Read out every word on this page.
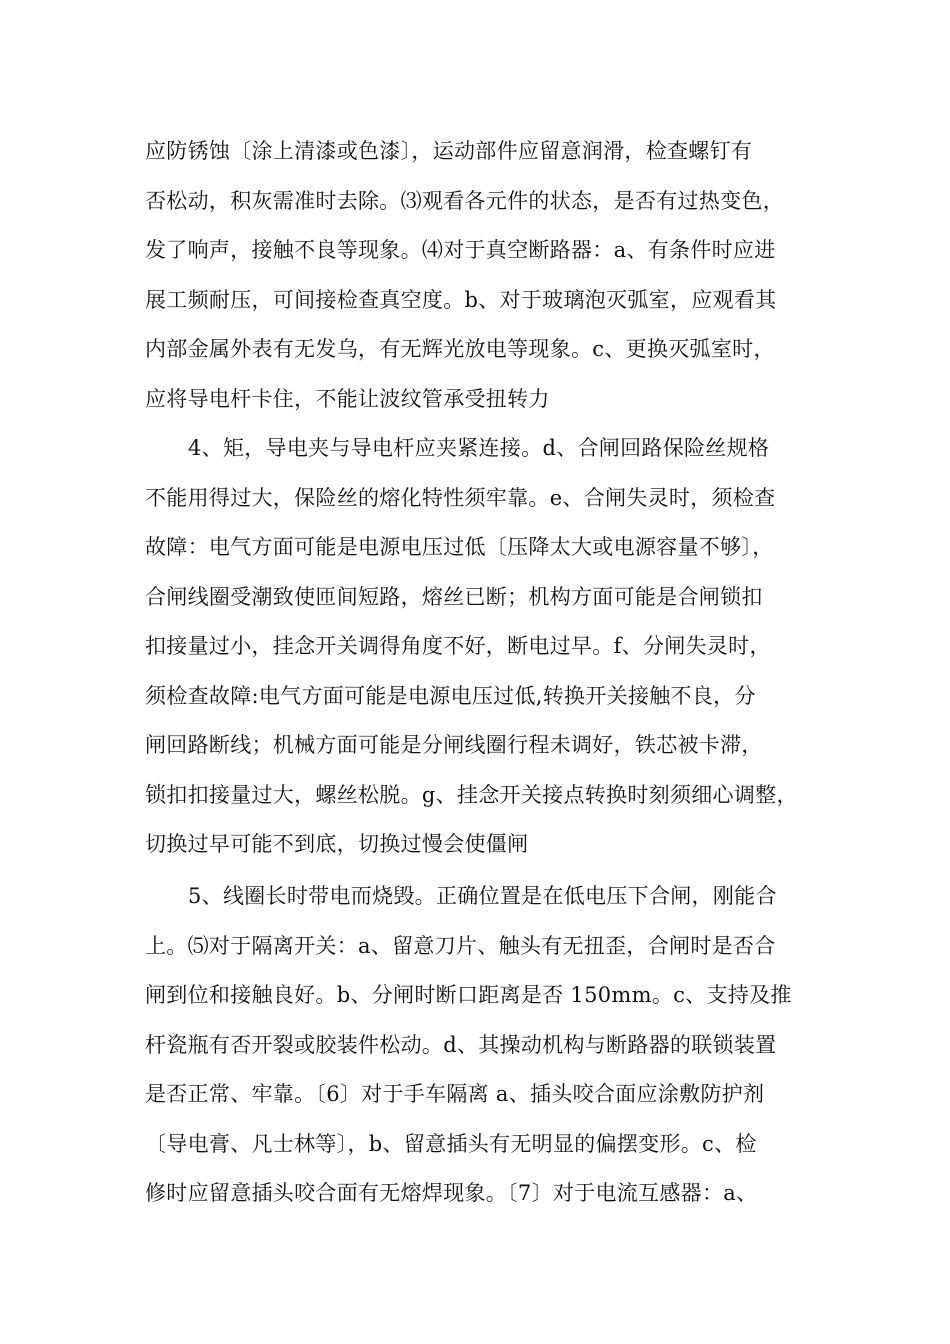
应防锈蚀〔涂上清漆或色漆〕，运动部件应留意润滑，检查螺钉有
否松动，积灰需准时去除。⑶观看各元件的状态，是否有过热变色，
发了响声，接触不良等现象。⑷对于真空断路器：a、有条件时应进
展工频耐压，可间接检查真空度。b、对于玻璃泡灭弧室，应观看其
内部金属外表有无发乌，有无辉光放电等现象。c、更换灭弧室时，
应将导电杆卡住，不能让波纹管承受扭转力
4、矩，导电夹与导电杆应夹紧连接。d、合闸回路保险丝规格
不能用得过大，保险丝的熔化特性须牢靠。e、合闸失灵时，须检查
故障：电气方面可能是电源电压过低〔压降太大或电源容量不够〕，
合闸线圈受潮致使匝间短路，熔丝已断；机构方面可能是合闸锁扣
扣接量过小，挂念开关调得角度不好，断电过早。f、分闸失灵时，
须检查故障:电气方面可能是电源电压过低,转换开关接触不良，分
闸回路断线；机械方面可能是分闸线圈行程未调好，铁芯被卡滞，
锁扣扣接量过大，螺丝松脱。g、挂念开关接点转换时刻须细心调整，
切换过早可能不到底，切换过慢会使僵闸
5、线圈长时带电而烧毁。正确位置是在低电压下合闸，刚能合
上。⑸对于隔离开关：a、留意刀片、触头有无扭歪，合闸时是否合
闸到位和接触良好。b、分闸时断口距离是否 150mm。c、支持及推
杆瓷瓶有否开裂或胶装件松动。d、其操动机构与断路器的联锁装置
是否正常、牢靠。〔6〕对于手车隔离 a、插头咬合面应涂敷防护剂
〔导电膏、凡士林等〕，b、留意插头有无明显的偏摆变形。c、检
修时应留意插头咬合面有无熔焊现象。〔7〕对于电流互感器：a、
